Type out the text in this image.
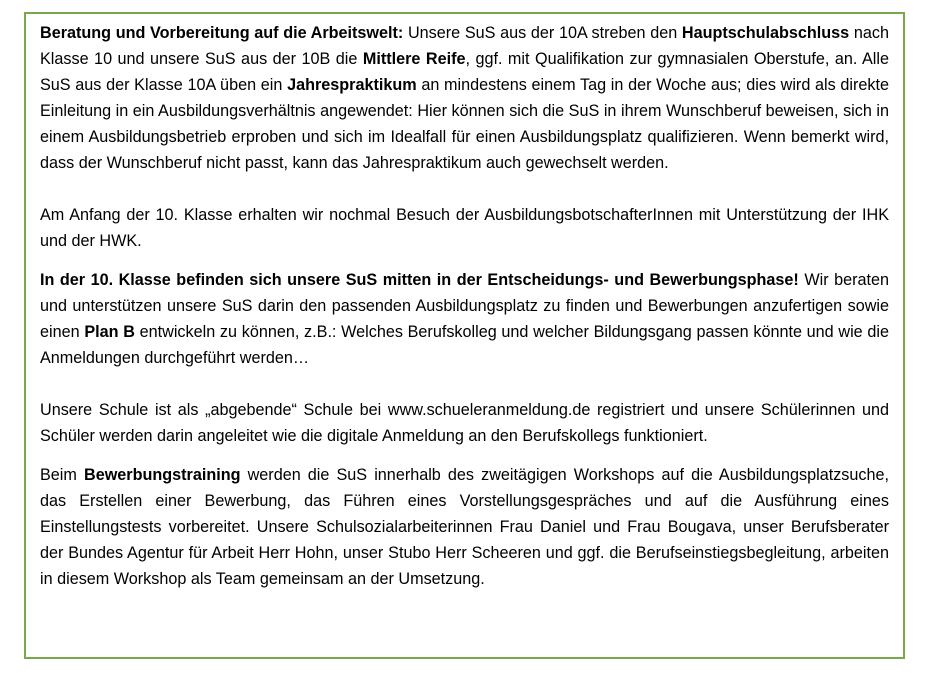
Beratung und Vorbereitung auf die Arbeitswelt: Unsere SuS aus der 10A streben den Hauptschulabschluss nach Klasse 10 und unsere SuS aus der 10B die Mittlere Reife, ggf. mit Qualifikation zur gymnasialen Oberstufe, an. Alle SuS aus der Klasse 10A üben ein Jahrespraktikum an mindestens einem Tag in der Woche aus; dies wird als direkte Einleitung in ein Ausbildungsverhältnis angewendet: Hier können sich die SuS in ihrem Wunschberuf beweisen, sich in einem Ausbildungsbetrieb erproben und sich im Idealfall für einen Ausbildungsplatz qualifizieren. Wenn bemerkt wird, dass der Wunschberuf nicht passt, kann das Jahrespraktikum auch gewechselt werden.

Am Anfang der 10. Klasse erhalten wir nochmal Besuch der AusbildungsbotschafterInnen mit Unterstützung der IHK und der HWK.

In der 10. Klasse befinden sich unsere SuS mitten in der Entscheidungs- und Bewerbungsphase! Wir beraten und unterstützen unsere SuS darin den passenden Ausbildungsplatz zu finden und Bewerbungen anzufertigen sowie einen Plan B entwickeln zu können, z.B.: Welches Berufskolleg und welcher Bildungsgang passen könnte und wie die Anmeldungen durchgeführt werden…

Unsere Schule ist als „abgebende“ Schule bei www.schueleranmeldung.de registriert und unsere Schülerinnen und Schüler werden darin angeleitet wie die digitale Anmeldung an den Berufskollegs funktioniert.

Beim Bewerbungstraining werden die SuS innerhalb des zweitägigen Workshops auf die Ausbildungsplatzsuche, das Erstellen einer Bewerbung, das Führen eines Vorstellungsgespräches und auf die Ausführung eines Einstellungstests vorbereitet. Unsere Schulsozialarbeiterinnen Frau Daniel und Frau Bougava, unser Berufsberater der Bundes Agentur für Arbeit Herr Hohn, unser Stubo Herr Scheeren und ggf. die Berufseinstiegsbegleitung, arbeiten in diesem Workshop als Team gemeinsam an der Umsetzung.
